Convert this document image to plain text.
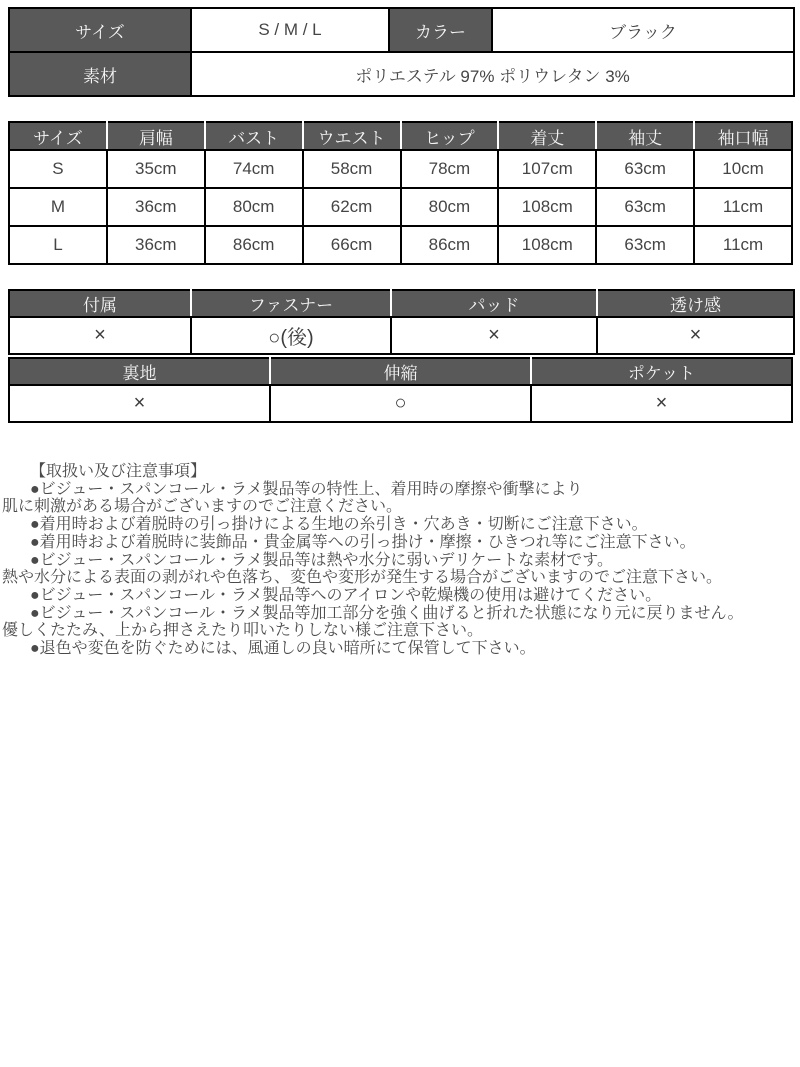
サイズ	S / M / L	カラー	ブラック
素材	ポリエステル 97% ポリウレタン 3%		
サイズ	肩幅	バスト	ウエスト	ヒップ	着丈	袖丈	袖口幅
S	35cm	74cm	58cm	78cm	107cm	63cm	10cm
M	36cm	80cm	62cm	80cm	108cm	63cm	11cm
L	36cm	86cm	66cm	86cm	108cm	63cm	11cm
付属	ファスナー	パッド	透け感
×	○(後)	×	×
裏地	伸縮	ポケット
×	○	×
【取扱い及び注意事項】
●ビジュー・スパンコール・ラメ製品等の特性上、着用時の摩擦や衝撃により
肌に刺激がある場合がございますのでご注意ください。
●着用時および着脱時の引っ掛けによる生地の糸引き・穴あき・切断にご注意下さい。
●着用時および着脱時に装飾品・貴金属等への引っ掛け・摩擦・ひきつれ等にご注意下さい。
●ビジュー・スパンコール・ラメ製品等は熱や水分に弱いデリケートな素材です。
熱や水分による表面の剥がれや色落ち、変色や変形が発生する場合がございますのでご注意下さい。
●ビジュー・スパンコール・ラメ製品等へのアイロンや乾燥機の使用は避けてください。
●ビジュー・スパンコール・ラメ製品等加工部分を強く曲げると折れた状態になり元に戻りません。
優しくたたみ、上から押さえたり叩いたりしない様ご注意下さい。
●退色や変色を防ぐためには、風通しの良い暗所にて保管して下さい。
